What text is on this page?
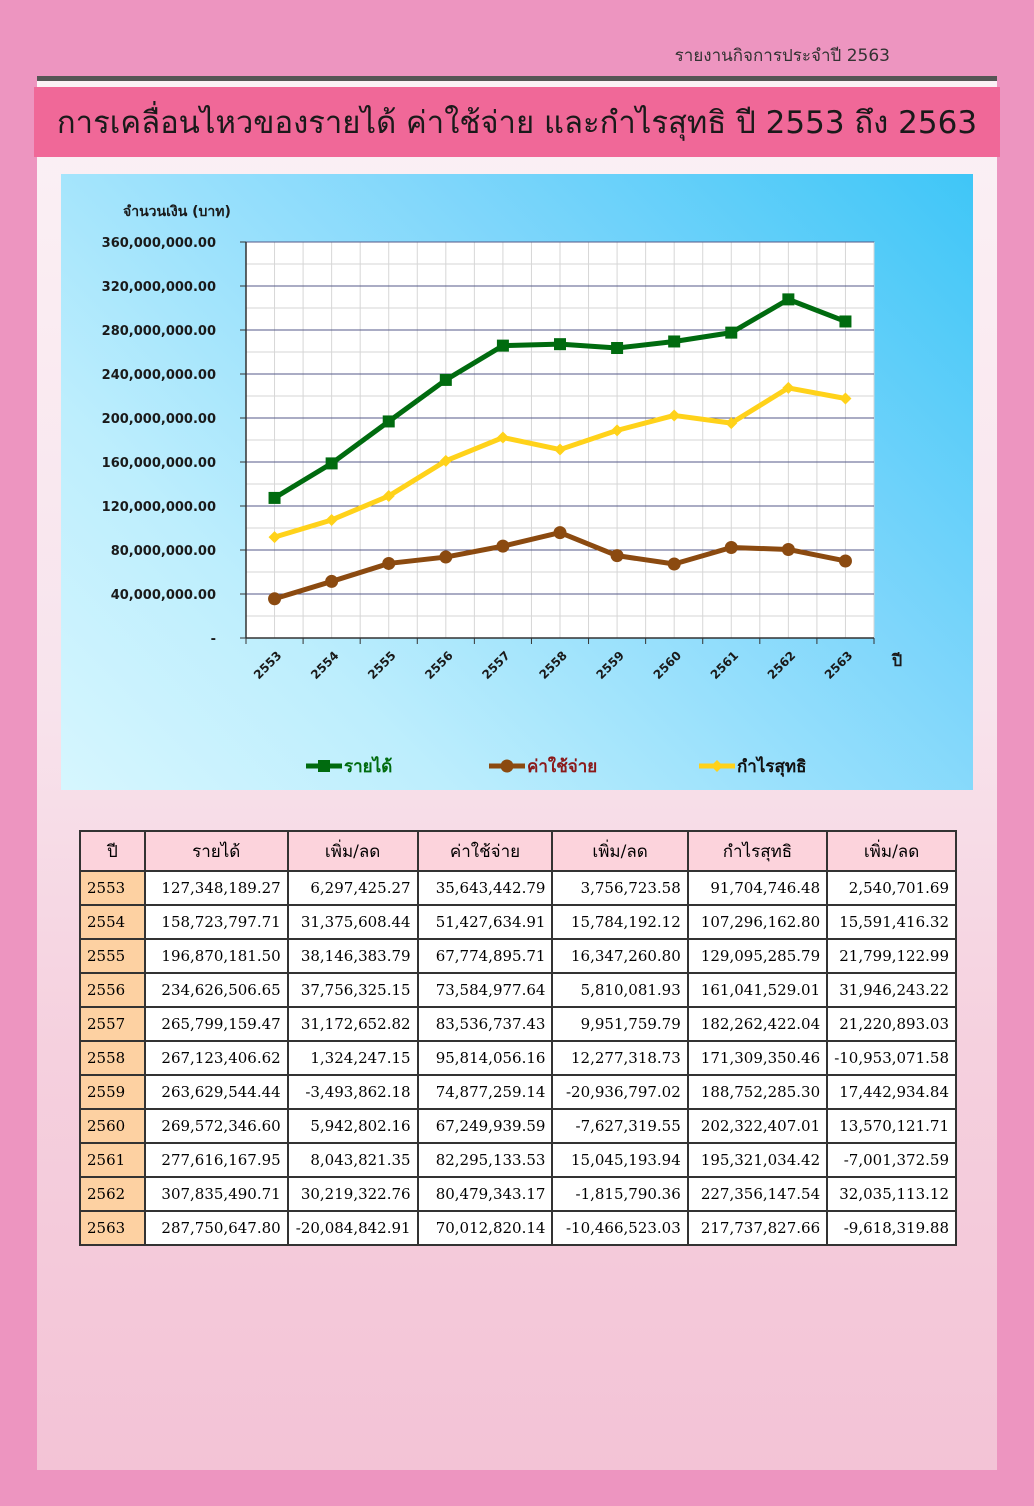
รายงานกิจการประจำปี 2563
การเคลื่อนไหวของรายได้ ค่าใช้จ่าย และกำไรสุทธิ ปี 2553 ถึง 2563
-
40,000,000.00
80,000,000.00
120,000,000.00
160,000,000.00
200,000,000.00
240,000,000.00
280,000,000.00
320,000,000.00
360,000,000.00
2553 2554 2555 2556 2557 2558 2559 2560 2561 2562 2563
จำนวนเงิน (บาท)
ปี
รายได้	ค่าใช้จ่าย	กำไรสุทธิ
ปี	รายได้	เพิ่ม/ลด	ค่าใช้จ่าย	เพิ่ม/ลด	กำไรสุทธิ	เพิ่ม/ลด
2553	127,348,189.27	6,297,425.27	35,643,442.79	3,756,723.58	91,704,746.48	2,540,701.69
2554	158,723,797.71	31,375,608.44	51,427,634.91	15,784,192.12	107,296,162.80	15,591,416.32
2555	196,870,181.50	38,146,383.79	67,774,895.71	16,347,260.80	129,095,285.79	21,799,122.99
2556	234,626,506.65	37,756,325.15	73,584,977.64	5,810,081.93	161,041,529.01	31,946,243.22
2557	265,799,159.47	31,172,652.82	83,536,737.43	9,951,759.79	182,262,422.04	21,220,893.03
2558	267,123,406.62	1,324,247.15	95,814,056.16	12,277,318.73	171,309,350.46	-10,953,071.58
2559	263,629,544.44	-3,493,862.18	74,877,259.14	-20,936,797.02	188,752,285.30	17,442,934.84
2560	269,572,346.60	5,942,802.16	67,249,939.59	-7,627,319.55	202,322,407.01	13,570,121.71
2561	277,616,167.95	8,043,821.35	82,295,133.53	15,045,193.94	195,321,034.42	-7,001,372.59
2562	307,835,490.71	30,219,322.76	80,479,343.17	-1,815,790.36	227,356,147.54	32,035,113.12
2563	287,750,647.80	-20,084,842.91	70,012,820.14	-10,466,523.03	217,737,827.66	-9,618,319.88
